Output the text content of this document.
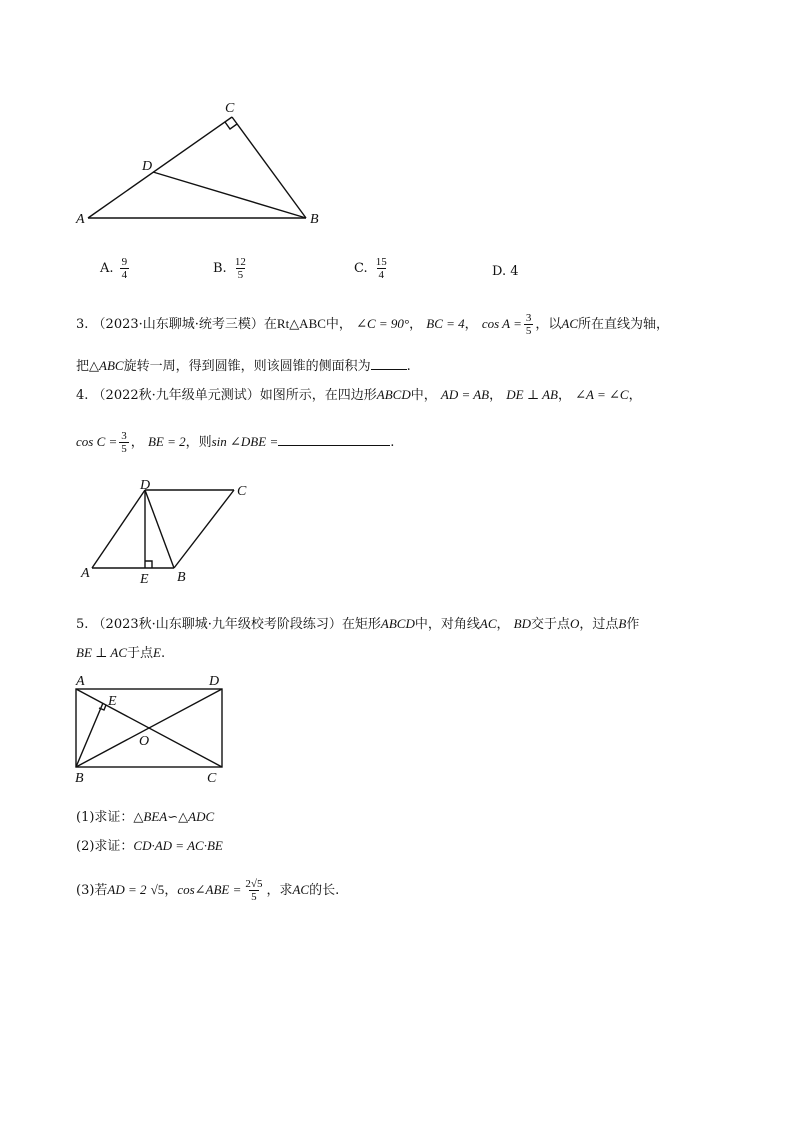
A	B
C
D
A. $\frac{9}{4}$	B. $\frac{12}{5}$	C. $\frac{15}{4}$	D. 4
3. （2023·山东聊城·统考三模）在Rt△ABC中， ∠C = 90°， BC = 4， $\cos A = \frac{3}{5}$ ，以AC所在直线为轴，
把△ABC旋转一周，得到圆锥，则该圆锥的侧面积为	.
4. （2022秋·九年级单元测试）如图所示，在四边形ABCD中， AD = AB， DE ⊥ AB， ∠A = ∠C，
$\cos C = \frac{3}{5}$ ， BE = 2，则sin ∠DBE =	.
A	B
C
D
E
5. （2023秋·山东聊城·九年级校考阶段练习）在矩形ABCD中，对角线AC， BD交于点O，过点B作
BE ⊥ AC于点E.
A	D
B	C
E
O
(1)求证：△BEA∽△ADC
(2)求证：CD·AD = AC·BE
(3)若AD = 2 √5，cos∠ABE = $\frac{2√5}{5}$ ，求AC的长.
